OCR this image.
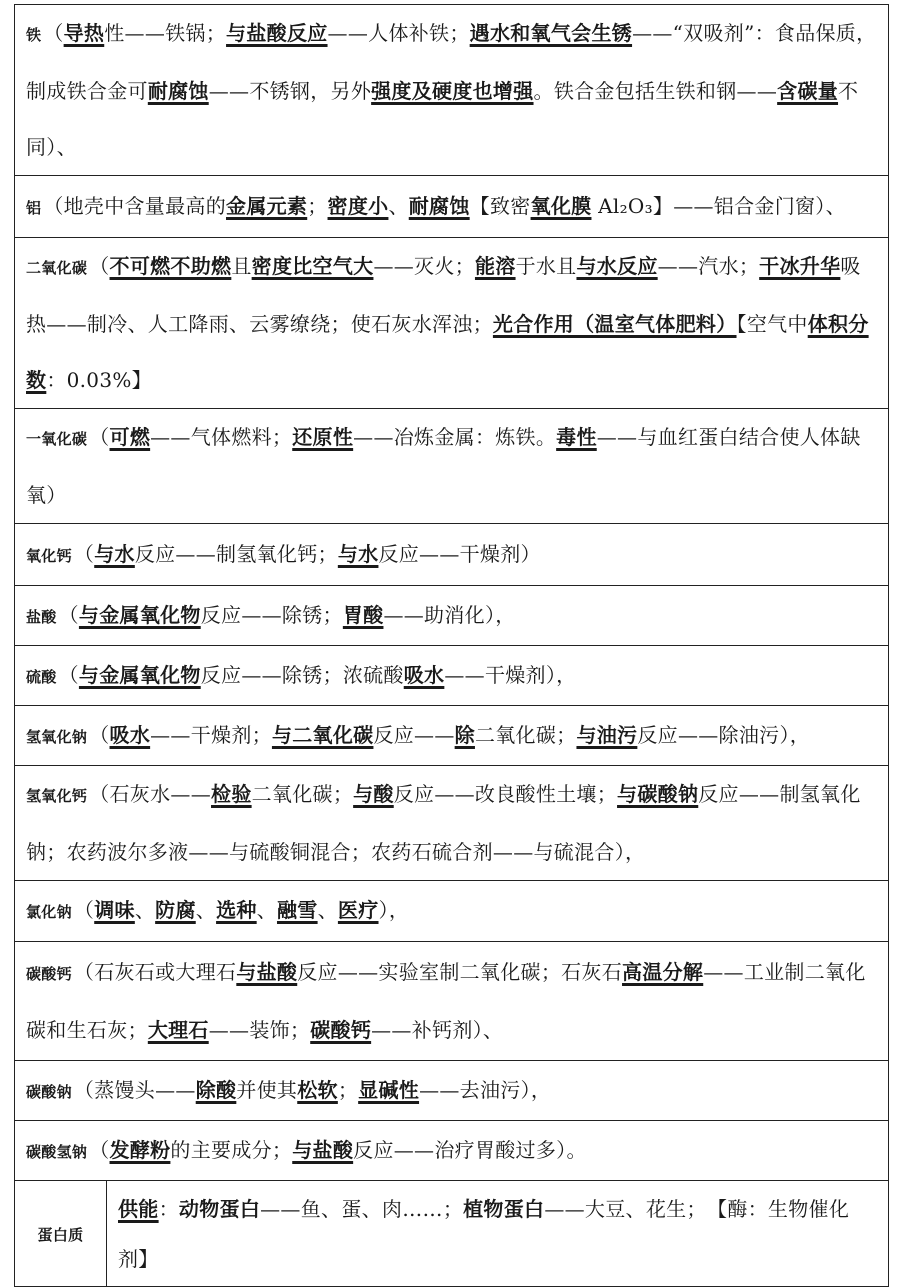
铁 （导热性——铁锅；与盐酸反应——人体补铁；遇水和氧气会生锈——“双吸剂”：食品保质，制成铁合金可耐腐蚀——不锈钢，另外强度及硬度也增强。铁合金包括生铁和钢——含碳量不同）、
铝 （地壳中含量最高的金属元素；密度小、耐腐蚀【致密氧化膜 Al₂O₃】——铝合金门窗）、
二氧化碳 （不可燃不助燃且密度比空气大——灭火；能溶于水且与水反应——汽水；干冰升华吸热——制冷、人工降雨、云雾缭绕；使石灰水浑浊；光合作用（温室气体肥料）【空气中体积分数：0.03%】
一氧化碳 （可燃——气体燃料；还原性——冶炼金属：炼铁。毒性——与血红蛋白结合使人体缺氧）
氧化钙 （与水反应——制氢氧化钙；与水反应——干燥剂）
盐酸 （与金属氧化物反应——除锈；胃酸——助消化），
硫酸 （与金属氧化物反应——除锈；浓硫酸吸水——干燥剂），
氢氧化钠 （吸水——干燥剂；与二氧化碳反应——除二氧化碳；与油污反应——除油污），
氢氧化钙 （石灰水——检验二氧化碳；与酸反应——改良酸性土壤；与碳酸钠反应——制氢氧化钠；农药波尔多液——与硫酸铜混合；农药石硫合剂——与硫混合），
氯化钠 （调味、防腐、选种、融雪、医疗），
碳酸钙 （石灰石或大理石与盐酸反应——实验室制二氧化碳；石灰石高温分解——工业制二氧化碳和生石灰；大理石——装饰；碳酸钙——补钙剂）、
碳酸钠 （蒸馒头——除酸并使其松软；显碱性——去油污），
碳酸氢钠 （发酵粉的主要成分；与盐酸反应——治疗胃酸过多）。
蛋白质	供能：动物蛋白——鱼、蛋、肉……；植物蛋白——大豆、花生；　【酶：生物催化剂】
